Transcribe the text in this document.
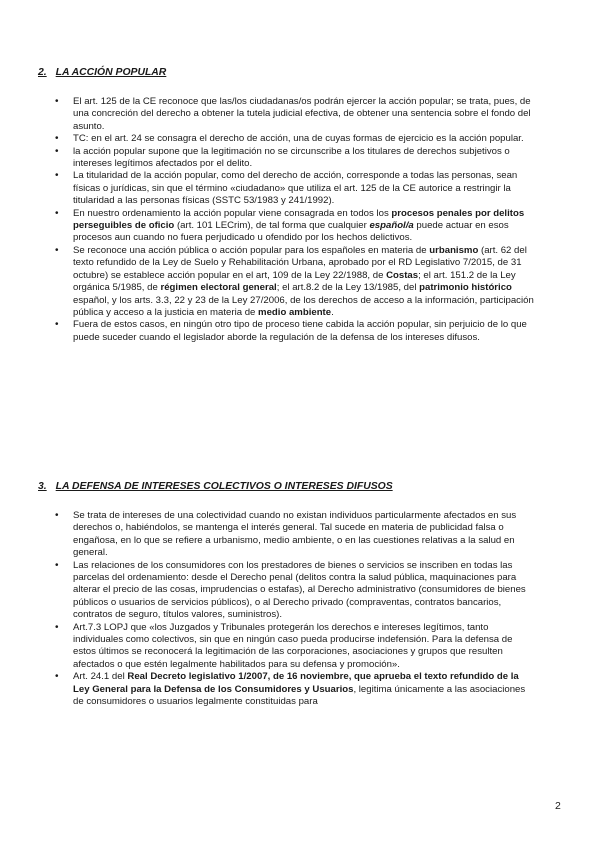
2. LA ACCIÓN POPULAR
• El art. 125 de la CE reconoce que las/los ciudadanas/os podrán ejercer la acción popular; se trata, pues, de una concreción del derecho a obtener la tutela judicial efectiva, de obtener una sentencia sobre el fondo del asunto.
• TC: en el art. 24 se consagra el derecho de acción, una de cuyas formas de ejercicio es la acción popular.
• la acción popular supone que la legitimación no se circunscribe a los titulares de derechos subjetivos o intereses legítimos afectados por el delito.
• La titularidad de la acción popular, como del derecho de acción, corresponde a todas las personas, sean físicas o jurídicas, sin que el término «ciudadano» que utiliza el art. 125 de la CE autorice a restringir la titularidad a las personas físicas (SSTC 53/1983 y 241/1992).
• En nuestro ordenamiento la acción popular viene consagrada en todos los procesos penales por delitos perseguibles de oficio (art. 101 LECrim), de tal forma que cualquier español/a puede actuar en esos procesos aun cuando no fuera perjudicado u ofendido por los hechos delictivos.
• Se reconoce una acción pública o acción popular para los españoles en materia de urbanismo (art. 62 del texto refundido de la Ley de Suelo y Rehabilitación Urbana, aprobado por el RD Legislativo 7/2015, de 31 octubre) se establece acción popular en el art, 109 de la Ley 22/1988, de Costas; el art. 151.2 de la Ley orgánica 5/1985, de régimen electoral general; el art.8.2 de la Ley 13/1985, del patrimonio histórico español, y los arts. 3.3, 22 y 23 de la Ley 27/2006, de los derechos de acceso a la información, participación pública y acceso a la justicia en materia de medio ambiente.
• Fuera de estos casos, en ningún otro tipo de proceso tiene cabida la acción popular, sin perjuicio de lo que puede suceder cuando el legislador aborde la regulación de la defensa de los intereses difusos.
3. LA DEFENSA DE INTERESES COLECTIVOS O INTERESES DIFUSOS
• Se trata de intereses de una colectividad cuando no existan individuos particularmente afectados en sus derechos o, habiéndolos, se mantenga el interés general. Tal sucede en materia de publicidad falsa o engañosa, en lo que se refiere a urbanismo, medio ambiente, o en las cuestiones relativas a la salud en general.
• Las relaciones de los consumidores con los prestadores de bienes o servicios se inscriben en todas las parcelas del ordenamiento: desde el Derecho penal (delitos contra la salud pública, maquinaciones para alterar el precio de las cosas, imprudencias o estafas), al Derecho administrativo (consumidores de bienes públicos o usuarios de servicios públicos), o al Derecho privado (compraventas, contratos bancarios, contratos de seguro, títulos valores, suministros).
• Art.7.3 LOPJ que «los Juzgados y Tribunales protegerán los derechos e intereses legítimos, tanto individuales como colectivos, sin que en ningún caso pueda producirse indefensión. Para la defensa de estos últimos se reconocerá la legitimación de las corporaciones, asociaciones y grupos que resulten afectados o que estén legalmente habilitados para su defensa y promoción».
• Art. 24.1 del Real Decreto legislativo 1/2007, de 16 noviembre, que aprueba el texto refundido de la Ley General para la Defensa de los Consumidores y Usuarios, legitima únicamente a las asociaciones de consumidores o usuarios legalmente constituidas para

2
